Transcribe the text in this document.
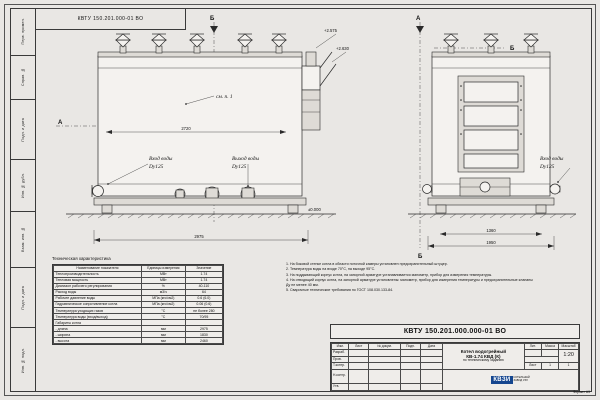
Перв. примен.
Справ. №
Подп. и дата
Инв. № дубл.
Взам. инв. №
Подп. и дата
Инв. № подл.
КВТУ 150.201.000-01 ВО	Б
А
+2.575
+2.630
см. п. 1
Вход воды
Dy125
Выход воды
Dy125
±0.000
2720
2975
А
Б
Б
Вход воды
Dy125
1360
1950
Техническая характеристика
Наименование показателя	Единицы измерения	Значение
Теплопроизводительность	МВт	1.74
Тепловая мощность	МВт	1.74
Диапазон рабочего регулирования	%	40-110
Расход воды	м3/ч	64
Рабочее давление воды	МПа (кгс/см2)	0.6 (6.0)
Гидравлическое сопротивление котла	МПа (кгс/см2)	0.06 (0.6)
Температура уходящих газов	°С	не более 280
Температура воды (вход/выход)	°С	70/95
Габариты котла		
- длина	мм	2975
- ширина	мм	1830
- высота	мм	2460
1. На боковой стенке котла в области поточной камеры установлен предохранительный штуцер.
2. Температура воды на входе 70°С, на выходе 95°С.
3. На поддывающий корпус котла, на запорной арматуре устанавливается манометр, прибор для измерения температуры.
4. На отводящий корпус котла, на запорной арматуре установлены: манометр, прибор для измерения температуры и предохранительные клапаны Ду не менее 40 мм.
5. Сварочные технические требования по ГОСТ 108.030.133-84.
КВТУ 150.201.000.000-01 ВО
Изм.	Лист	№ докум.	Подп.	Дата	Котел водогрейный
КВ-1.74 КВД (К)
по техническому заданию	Лит.	Масса	Масштаб
Разраб.								1:20
Пров.								
Т.контр.						Лист	1	1
Н.контр.					КВЗИ КОТЕЛЬНЫЙ
ЗАВОД УЗЛ			

Утв.								
Формат А3
